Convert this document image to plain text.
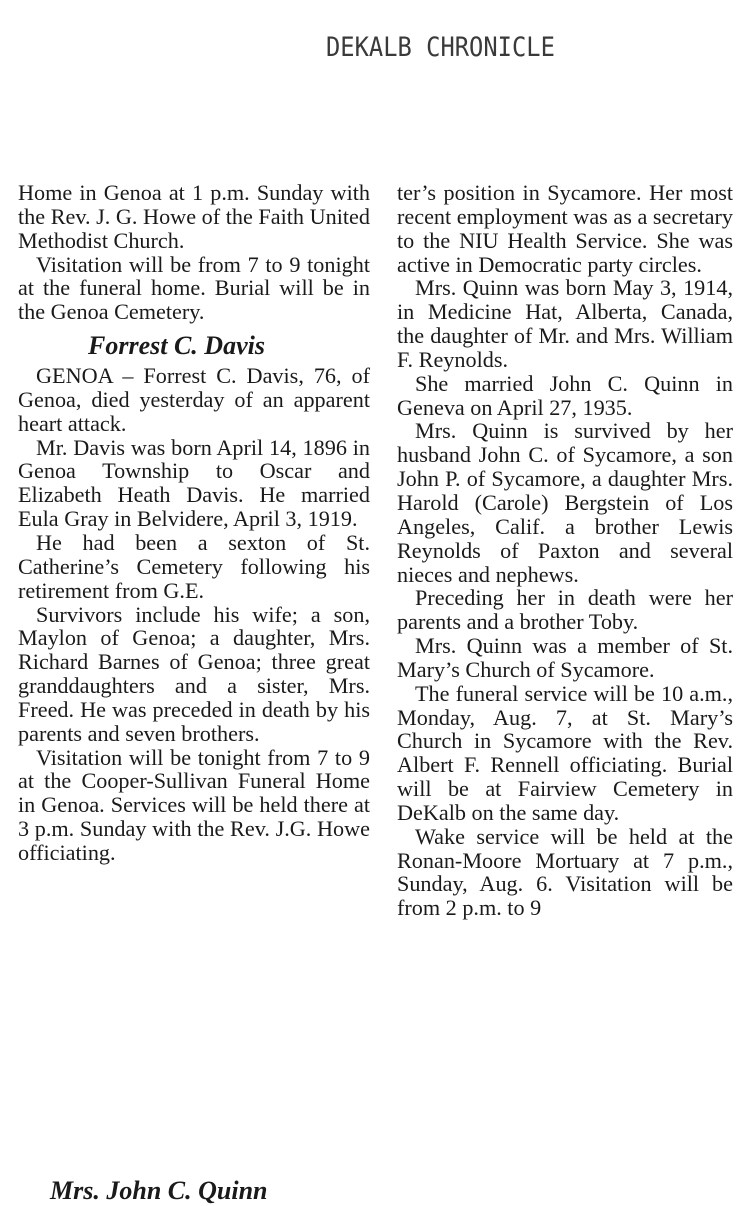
DEKALB CHRONICLE

Home in Genoa at 1 p.m. Sunday with the Rev. J. G. Howe of the Faith United Methodist Church.

Visitation will be from 7 to 9 tonight at the funeral home. Burial will be in the Genoa Cemetery.

Forrest C. Davis

GENOA – Forrest C. Davis, 76, of Genoa, died yesterday of an apparent heart attack.

Mr. Davis was born April 14, 1896 in Genoa Township to Oscar and Elizabeth Heath Davis. He married Eula Gray in Belvidere, April 3, 1919.

He had been a sexton of St. Catherine’s Cemetery following his retirement from G.E.

Survivors include his wife; a son, Maylon of Genoa; a daughter, Mrs. Richard Barnes of Genoa; three great granddaughters and a sister, Mrs. Freed. He was preceded in death by his parents and seven brothers.

Visitation will be tonight from 7 to 9 at the Cooper-Sullivan Funeral Home in Genoa. Services will be held there at 3 p.m. Sunday with the Rev. J.G. Howe officiating.

Mrs. John C. Quinn

ter’s position in Sycamore. Her most recent employment was as a secretary to the NIU Health Service. She was active in Democratic party circles.

Mrs. Quinn was born May 3, 1914, in Medicine Hat, Alberta, Canada, the daughter of Mr. and Mrs. William F. Reynolds.

She married John C. Quinn in Geneva on April 27, 1935.

Mrs. Quinn is survived by her husband John C. of Sycamore, a son John P. of Sycamore, a daughter Mrs. Harold (Carole) Bergstein of Los Angeles, Calif. a brother Lewis Reynolds of Paxton and several nieces and nephews.

Preceding her in death were her parents and a brother Toby.

Mrs. Quinn was a member of St. Mary’s Church of Sycamore.

The funeral service will be 10 a.m., Monday, Aug. 7, at St. Mary’s Church in Sycamore with the Rev. Albert F. Rennell officiating. Burial will be at Fairview Cemetery in DeKalb on the same day.

Wake service will be held at the Ronan-Moore Mortuary at 7 p.m., Sunday, Aug. 6. Visitation will be from 2 p.m. to 9
